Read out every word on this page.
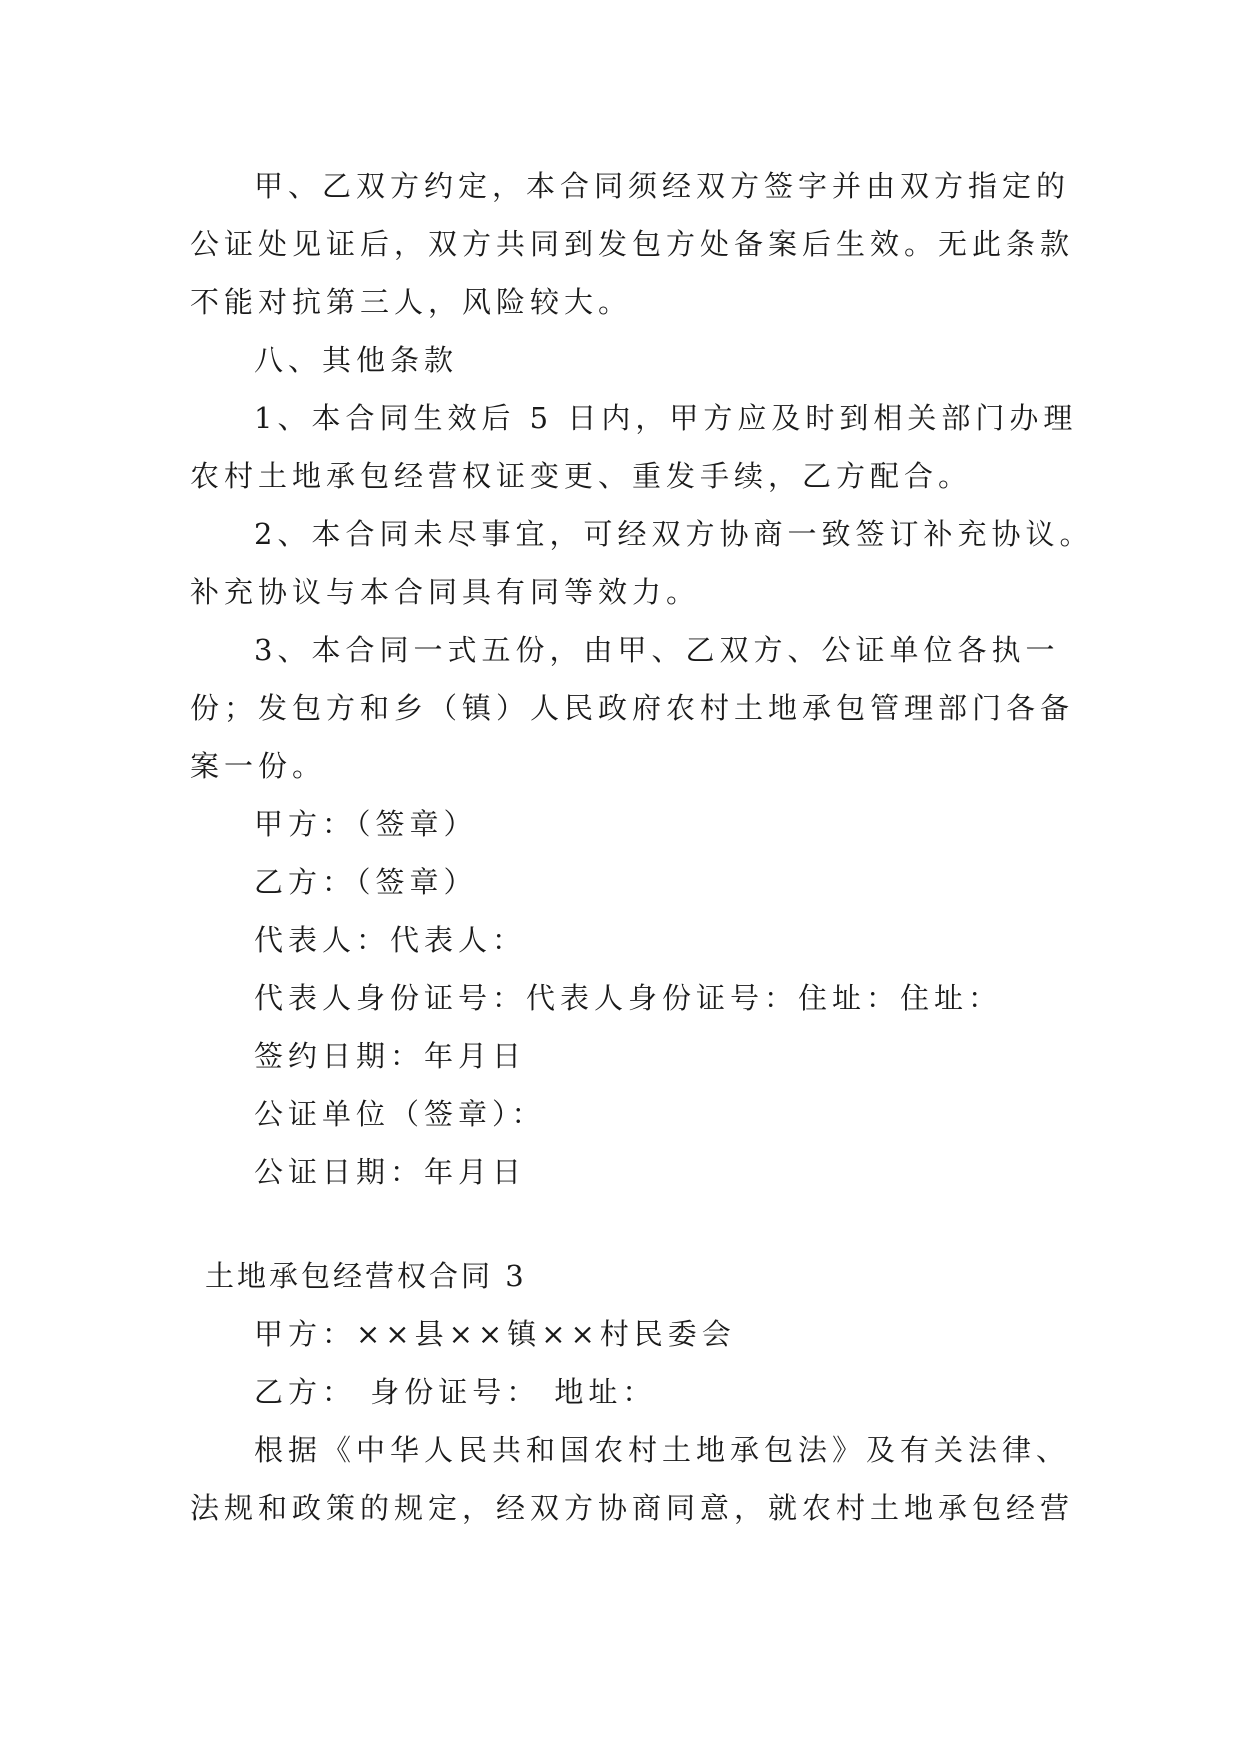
甲、乙双方约定，本合同须经双方签字并由双方指定的
公证处见证后，双方共同到发包方处备案后生效。无此条款
不能对抗第三人，风险较大。
八、其他条款
1、本合同生效后 5 日内，甲方应及时到相关部门办理
农村土地承包经营权证变更、重发手续，乙方配合。
2、本合同未尽事宜，可经双方协商一致签订补充协议。
补充协议与本合同具有同等效力。
3、本合同一式五份，由甲、乙双方、公证单位各执一
份；发包方和乡（镇）人民政府农村土地承包管理部门各备
案一份。
甲方：（签章）
乙方：（签章）
代表人：代表人：
代表人身份证号：代表人身份证号：住址：住址：
签约日期：年月日
公证单位（签章）：
公证日期：年月日
土地承包经营权合同 3
甲方：××县××镇××村民委会
乙方： 身份证号： 地址：
根据《中华人民共和国农村土地承包法》及有关法律、
法规和政策的规定，经双方协商同意，就农村土地承包经营
